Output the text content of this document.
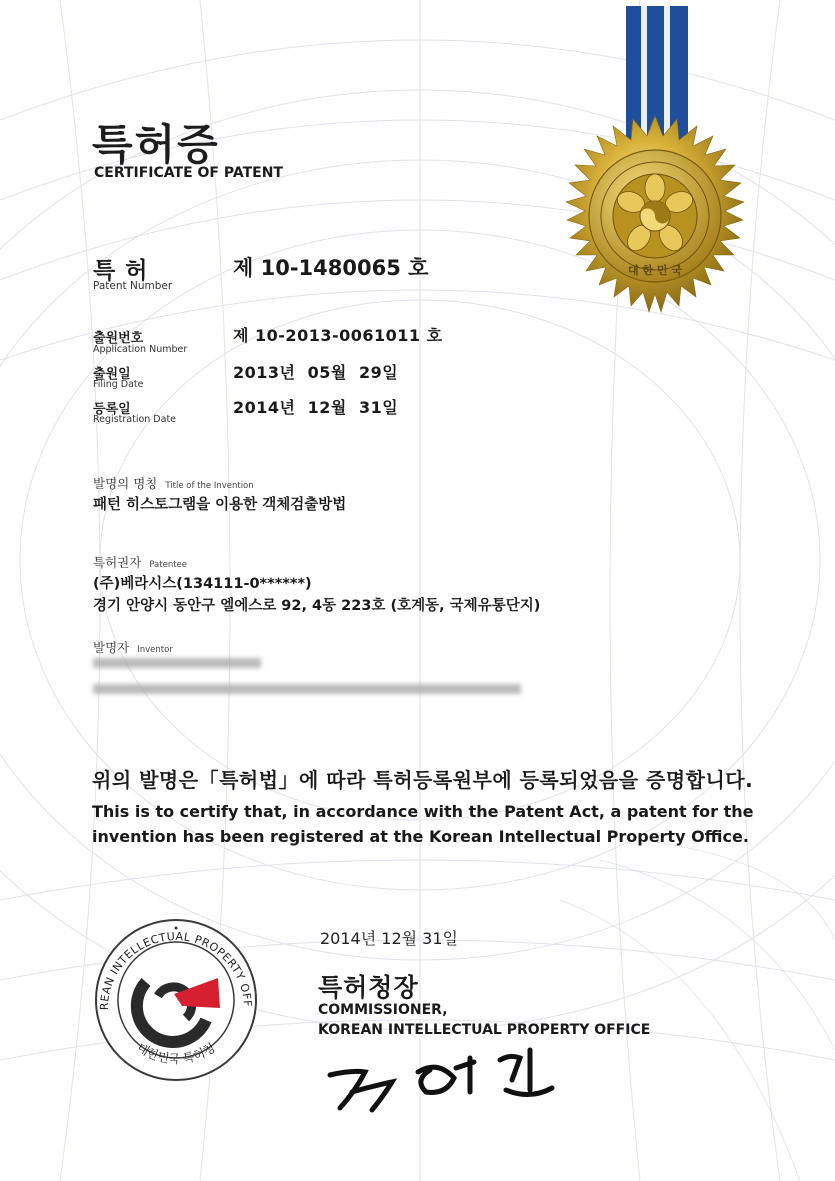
특허증
CERTIFICATE OF PATENT
특 허
Patent Number
제 10-1480065 호
출원번호
Application Number
제 10-2013-0061011 호
출원일
Filing Date
2013년  05월  29일
등록일
Registration Date
2014년  12월  31일
발명의 명칭 Title of the Invention
패턴 히스토그램을 이용한 객체검출방법
특허권자 Patentee
(주)베라시스(134111-0******)
경기 안양시 동안구 엘에스로 92, 4동 223호 (호계동, 국제유통단지)
발명자 Inventor
위의 발명은「특허법」에 따라 특허등록원부에 등록되었음을 증명합니다.
This is to certify that, in accordance with the Patent Act, a patent for the invention has been registered at the Korean Intellectual Property Office.
2014년 12월 31일
특허청장
COMMISSIONER,
KOREAN INTELLECTUAL PROPERTY OFFICE
대 한 민 국
KOREAN INTELLECTUAL PROPERTY OFFICE
대한민국 특허청
